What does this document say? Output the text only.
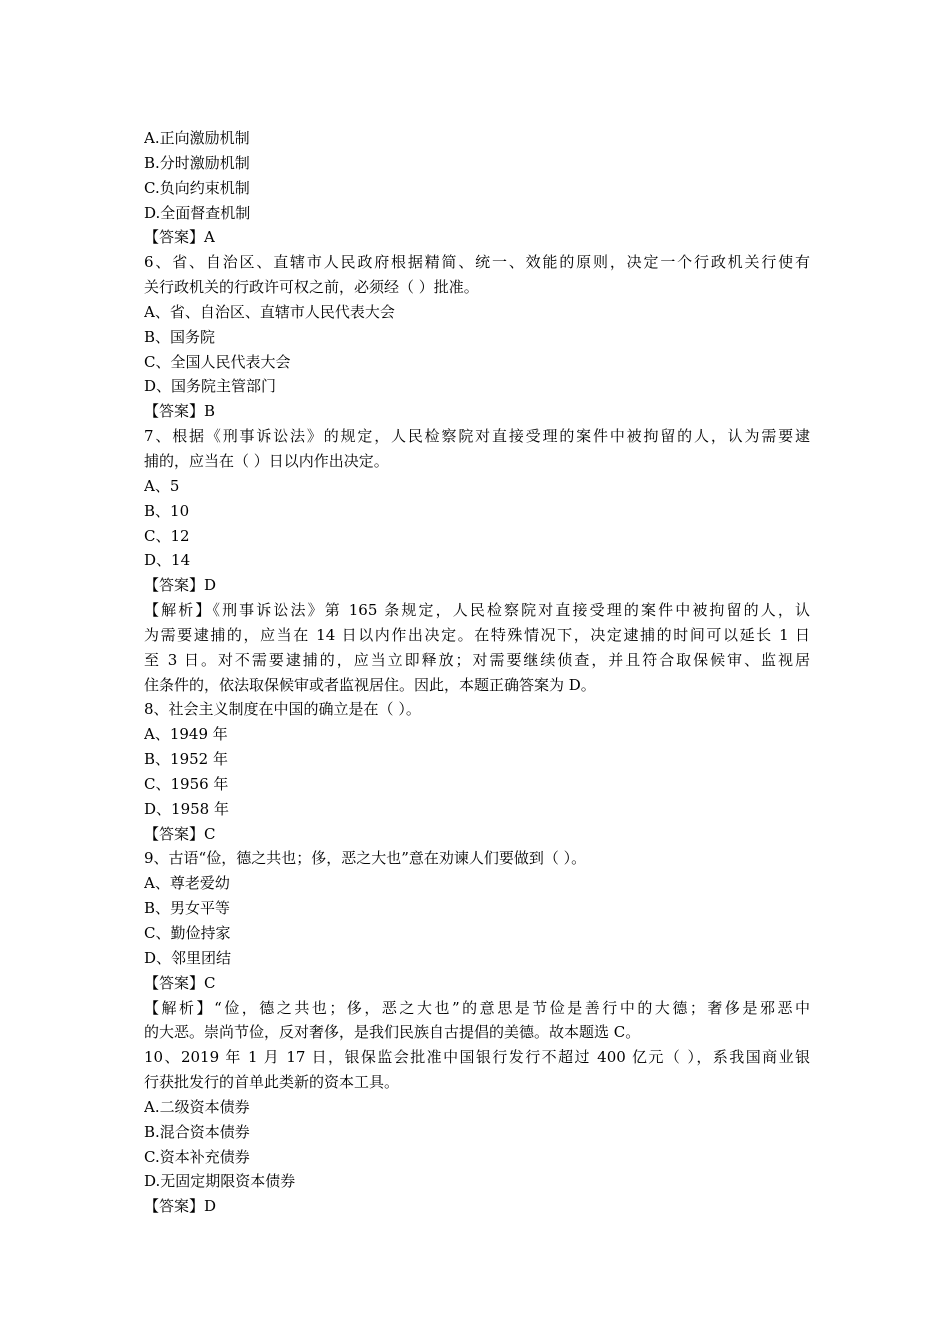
A.正向激励机制
B.分时激励机制
C.负向约束机制
D.全面督查机制
【答案】A
6、省、自治区、直辖市人民政府根据精简、统一、效能的原则，决定一个行政机关行使有
关行政机关的行政许可权之前，必须经（ ）批准。
A、省、自治区、直辖市人民代表大会
B、国务院
C、全国人民代表大会
D、国务院主管部门
【答案】B
7、根据《刑事诉讼法》的规定，人民检察院对直接受理的案件中被拘留的人，认为需要逮
捕的，应当在（ ）日以内作出决定。
A、5
B、10
C、12
D、14
【答案】D
【解析】《刑事诉讼法》第 165 条规定，人民检察院对直接受理的案件中被拘留的人，认
为需要逮捕的，应当在 14 日以内作出决定。在特殊情况下，决定逮捕的时间可以延长 1 日
至 3 日。对不需要逮捕的，应当立即释放；对需要继续侦查，并且符合取保候审、监视居
住条件的，依法取保候审或者监视居住。因此，本题正确答案为 D。
8、社会主义制度在中国的确立是在（ ）。
A、1949 年
B、1952 年
C、1956 年
D、1958 年
【答案】C
9、古语“俭，德之共也；侈，恶之大也”意在劝谏人们要做到（ ）。
A、尊老爱幼
B、男女平等
C、勤俭持家
D、邻里团结
【答案】C
【解析】“俭，德之共也；侈，恶之大也”的意思是节俭是善行中的大德；奢侈是邪恶中
的大恶。崇尚节俭，反对奢侈，是我们民族自古提倡的美德。故本题选 C。
10、2019 年 1 月 17 日，银保监会批准中国银行发行不超过 400 亿元（ ），系我国商业银
行获批发行的首单此类新的资本工具。
A.二级资本债券
B.混合资本债券
C.资本补充债券
D.无固定期限资本债券
【答案】D
